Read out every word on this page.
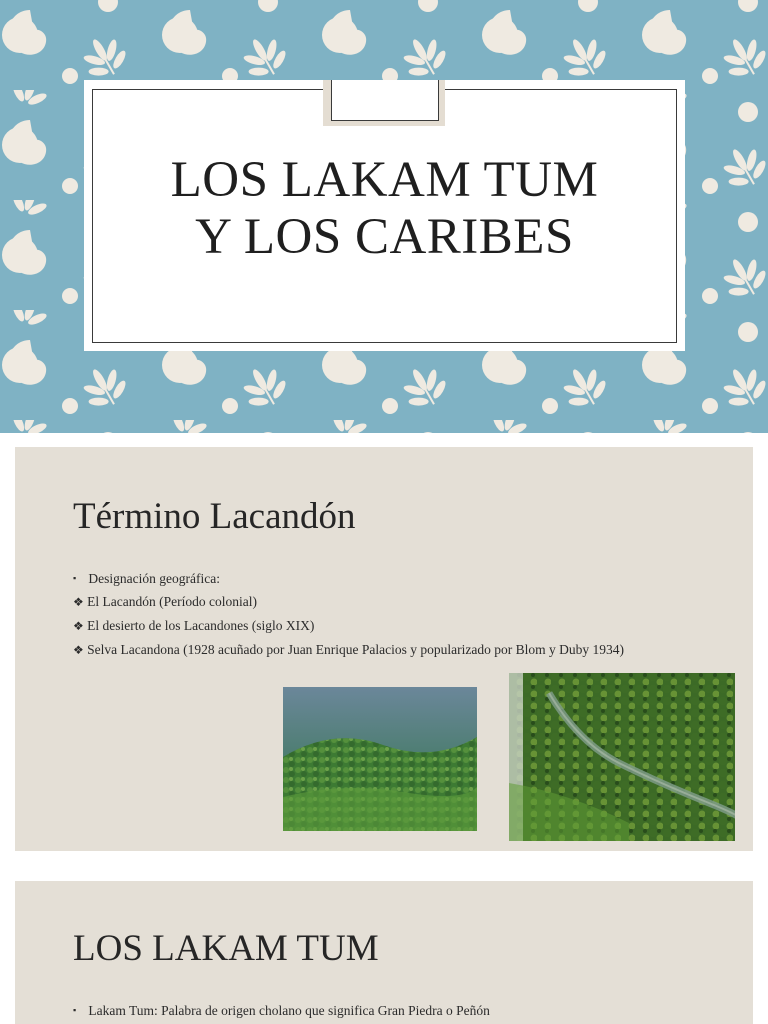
LOS LAKAM TUM
Y LOS CARIBES
Término Lacandón
▪ Designación geográfica:
❖ El Lacandón (Período colonial)
❖ El desierto de los Lacandones (siglo XIX)
❖ Selva Lacandona (1928 acuñado por Juan Enrique Palacios y popularizado por Blom y Duby 1934)
LOS LAKAM TUM
▪ Lakam Tum: Palabra de origen cholano que significa Gran Piedra o Peñón
